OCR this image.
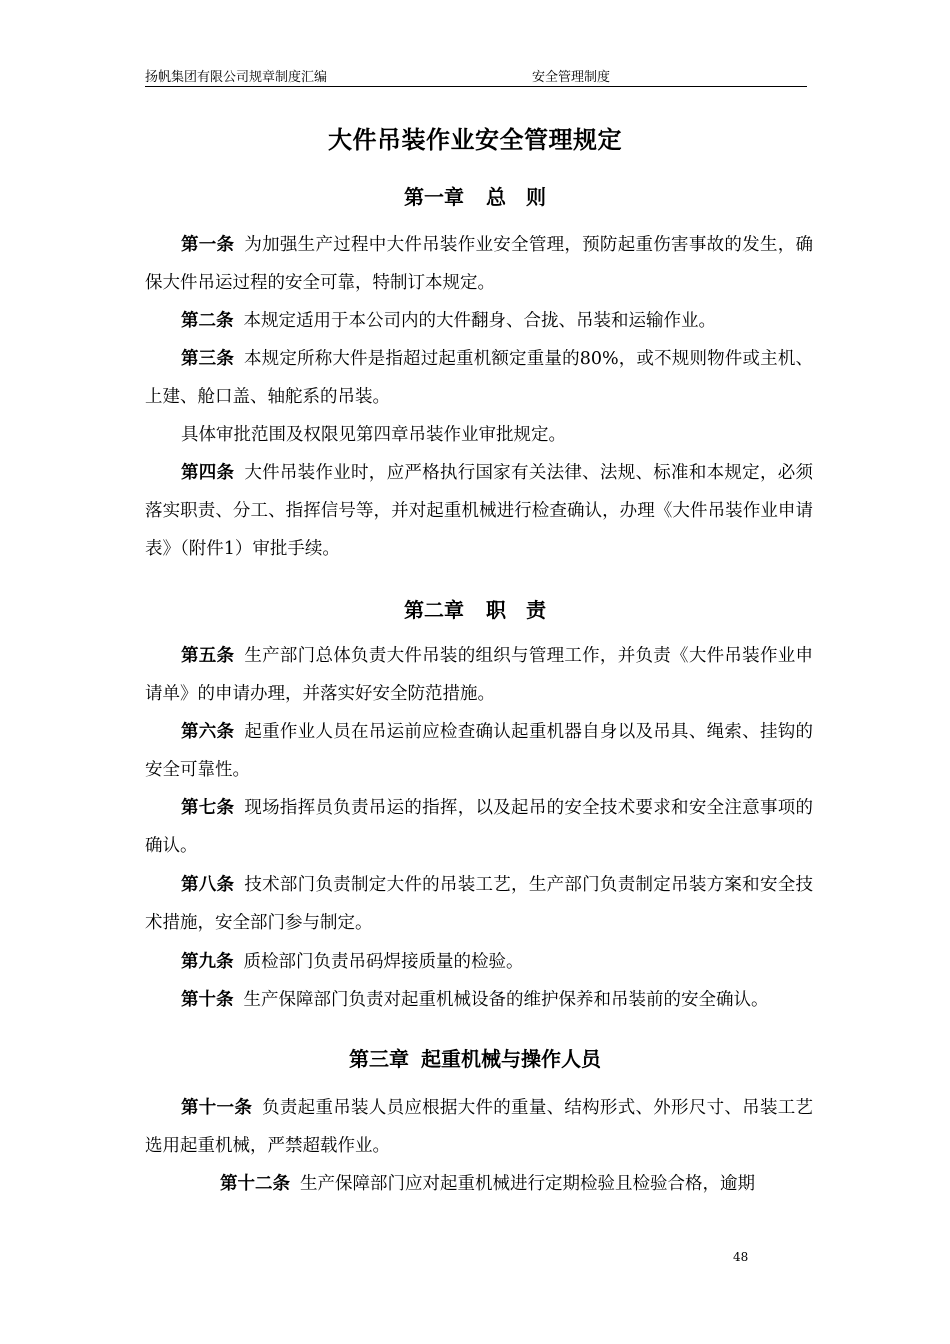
扬帆集团有限公司规章制度汇编	安全管理制度
大件吊装作业安全管理规定
第一章 总　则
第一条 为加强生产过程中大件吊装作业安全管理，预防起重伤害事故的发生，确保大件吊运过程的安全可靠，特制订本规定。
第二条 本规定适用于本公司内的大件翻身、合拢、吊装和运输作业。
第三条 本规定所称大件是指超过起重机额定重量的80%，或不规则物件或主机、上建、舱口盖、轴舵系的吊装。
具体审批范围及权限见第四章吊装作业审批规定。
第四条 大件吊装作业时，应严格执行国家有关法律、法规、标准和本规定，必须落实职责、分工、指挥信号等，并对起重机械进行检查确认，办理《大件吊装作业申请表》（附件1）审批手续。
第二章 职　责
第五条 生产部门总体负责大件吊装的组织与管理工作，并负责《大件吊装作业申请单》的申请办理，并落实好安全防范措施。
第六条 起重作业人员在吊运前应检查确认起重机器自身以及吊具、绳索、挂钩的安全可靠性。
第七条 现场指挥员负责吊运的指挥，以及起吊的安全技术要求和安全注意事项的确认。
第八条 技术部门负责制定大件的吊装工艺，生产部门负责制定吊装方案和安全技术措施，安全部门参与制定。
第九条 质检部门负责吊码焊接质量的检验。
第十条 生产保障部门负责对起重机械设备的维护保养和吊装前的安全确认。
第三章 起重机械与操作人员
第十一条 负责起重吊装人员应根据大件的重量、结构形式、外形尺寸、吊装工艺选用起重机械，严禁超载作业。
第十二条 生产保障部门应对起重机械进行定期检验且检验合格，逾期
48
